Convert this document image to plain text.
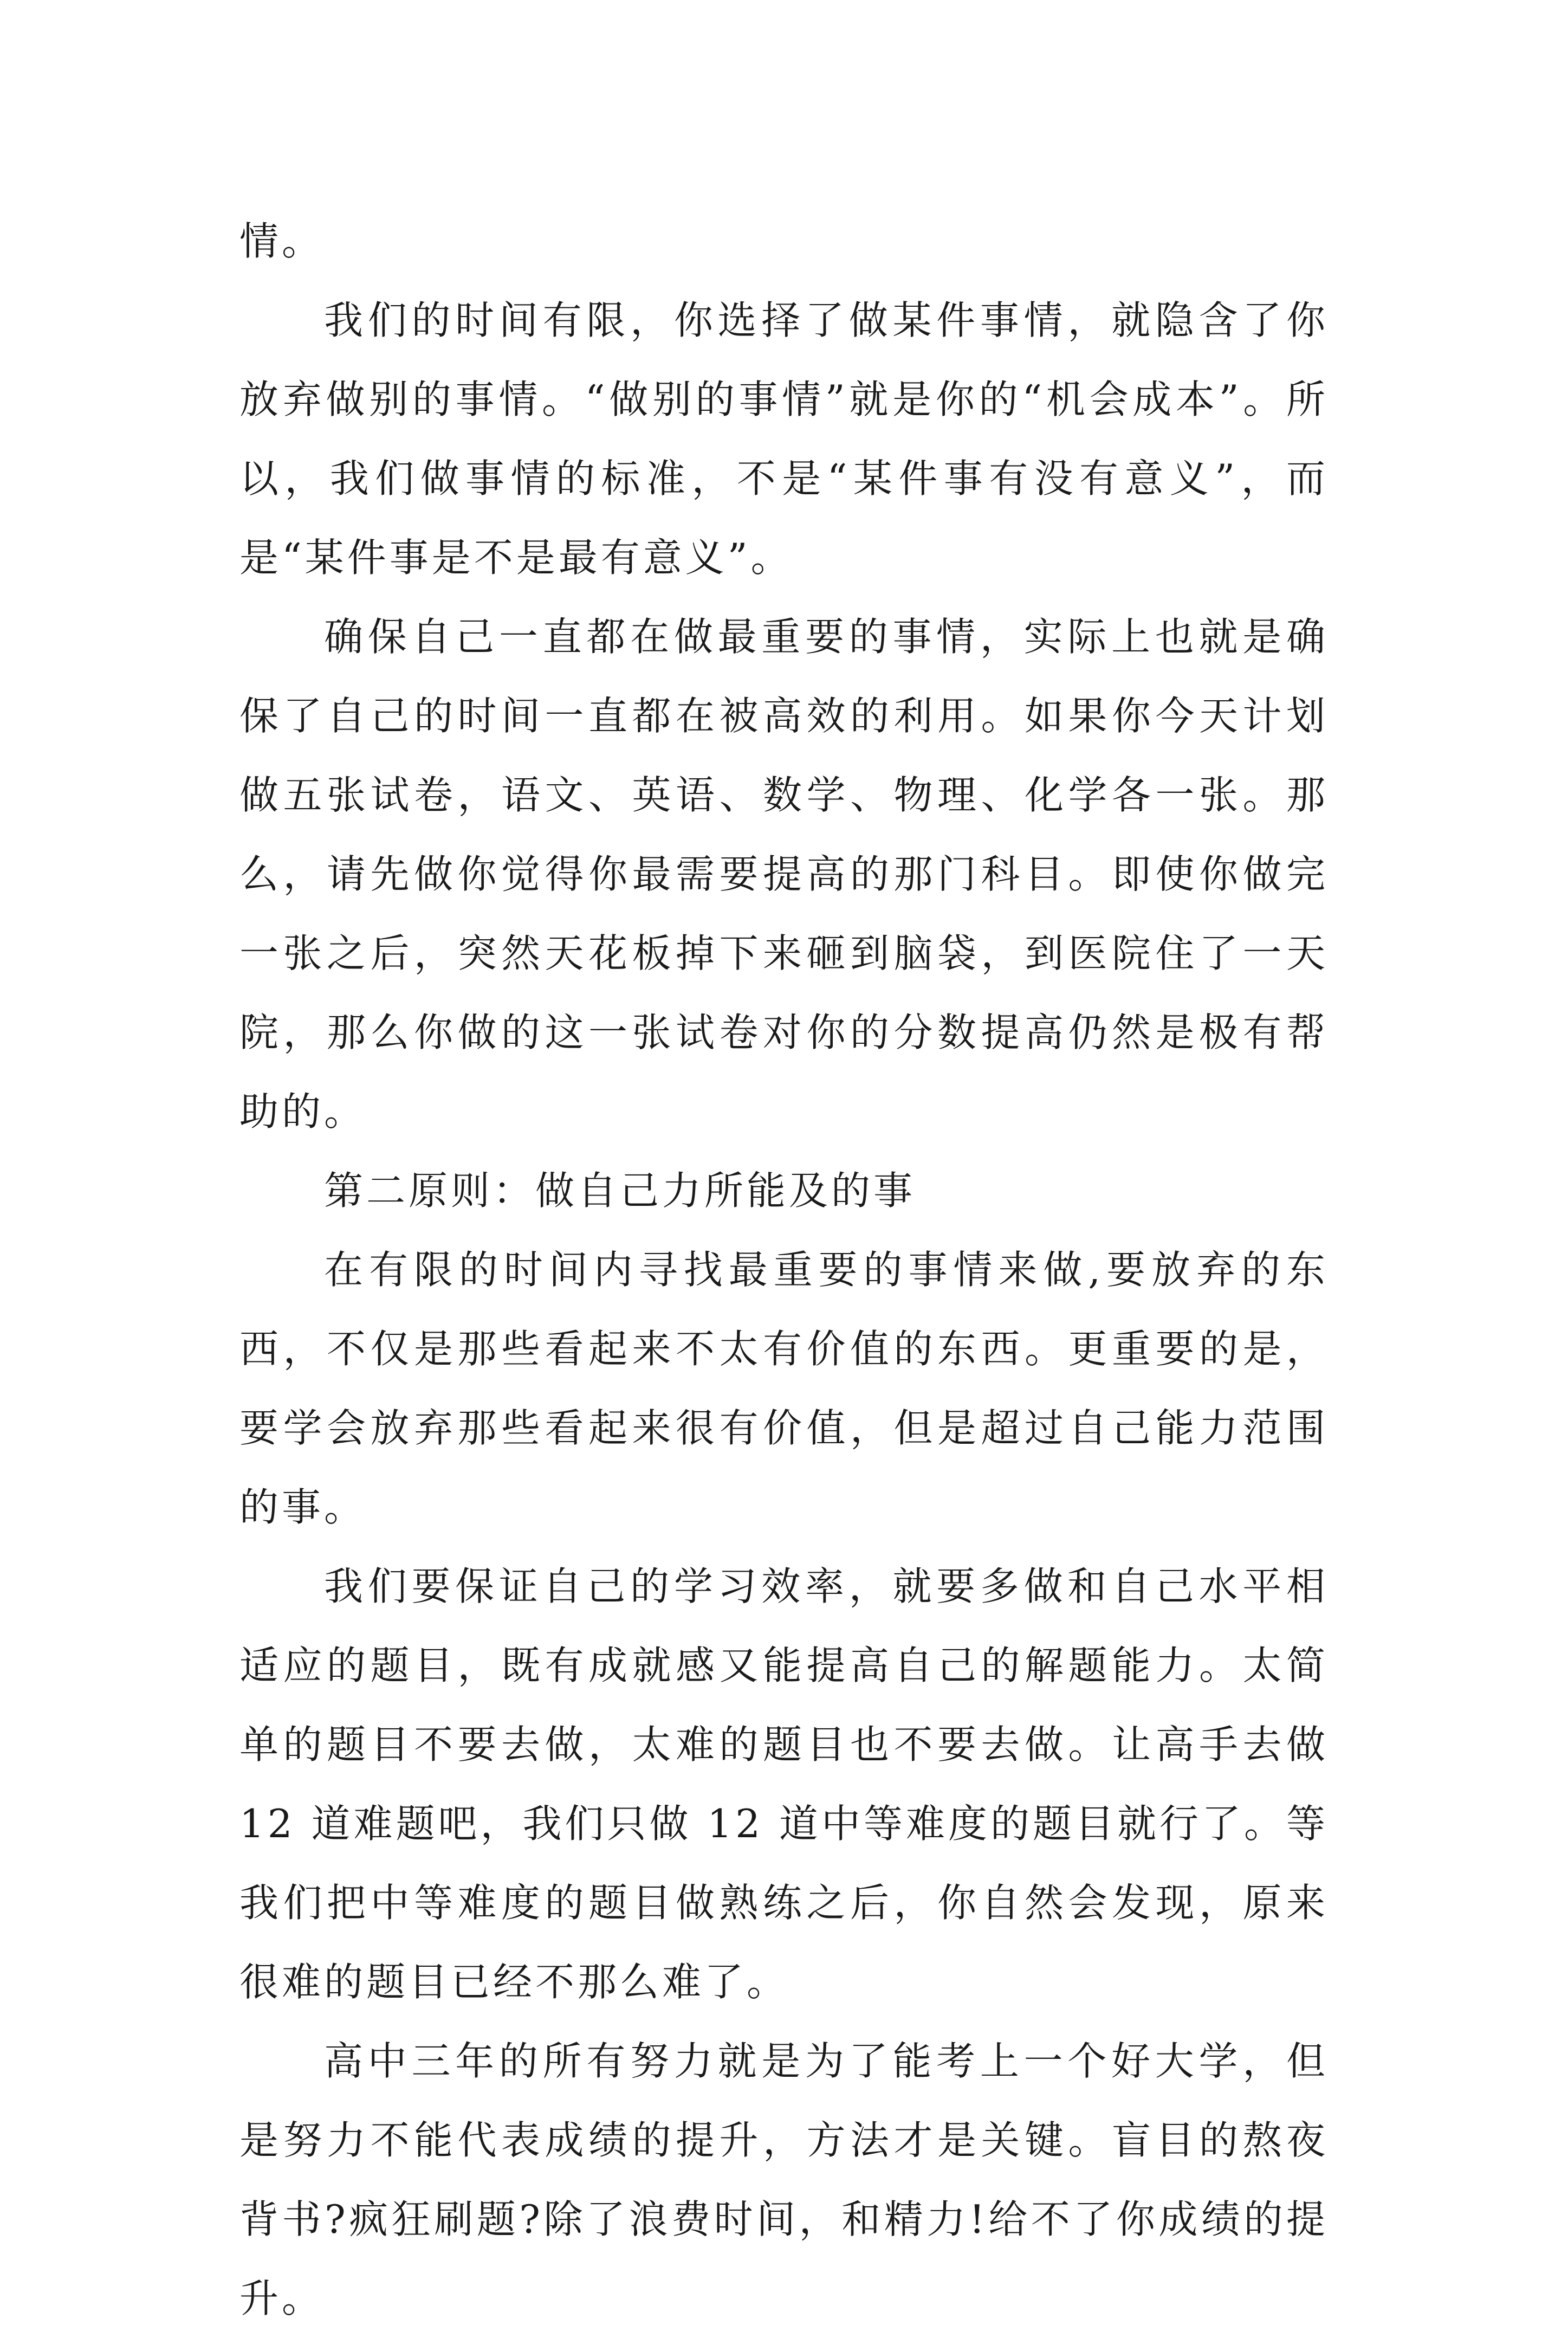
情。

我们的时间有限，你选择了做某件事情，就隐含了你放弃做别的事情。“做别的事情”就是你的“机会成本”。所以，我们做事情的标准，不是“某件事有没有意义”，而是“某件事是不是最有意义”。

确保自己一直都在做最重要的事情，实际上也就是确保了自己的时间一直都在被高效的利用。如果你今天计划做五张试卷，语文、英语、数学、物理、化学各一张。那么，请先做你觉得你最需要提高的那门科目。即使你做完一张之后，突然天花板掉下来砸到脑袋，到医院住了一天院，那么你做的这一张试卷对你的分数提高仍然是极有帮助的。

第二原则：做自己力所能及的事

在有限的时间内寻找最重要的事情来做,要放弃的东西，不仅是那些看起来不太有价值的东西。更重要的是，要学会放弃那些看起来很有价值，但是超过自己能力范围的事。

我们要保证自己的学习效率，就要多做和自己水平相适应的题目，既有成就感又能提高自己的解题能力。太简单的题目不要去做，太难的题目也不要去做。让高手去做 12 道难题吧，我们只做 12 道中等难度的题目就行了。等我们把中等难度的题目做熟练之后，你自然会发现，原来很难的题目已经不那么难了。

高中三年的所有努力就是为了能考上一个好大学，但是努力不能代表成绩的提升，方法才是关键。盲目的熬夜背书?疯狂刷题?除了浪费时间，和精力!给不了你成绩的提升。
